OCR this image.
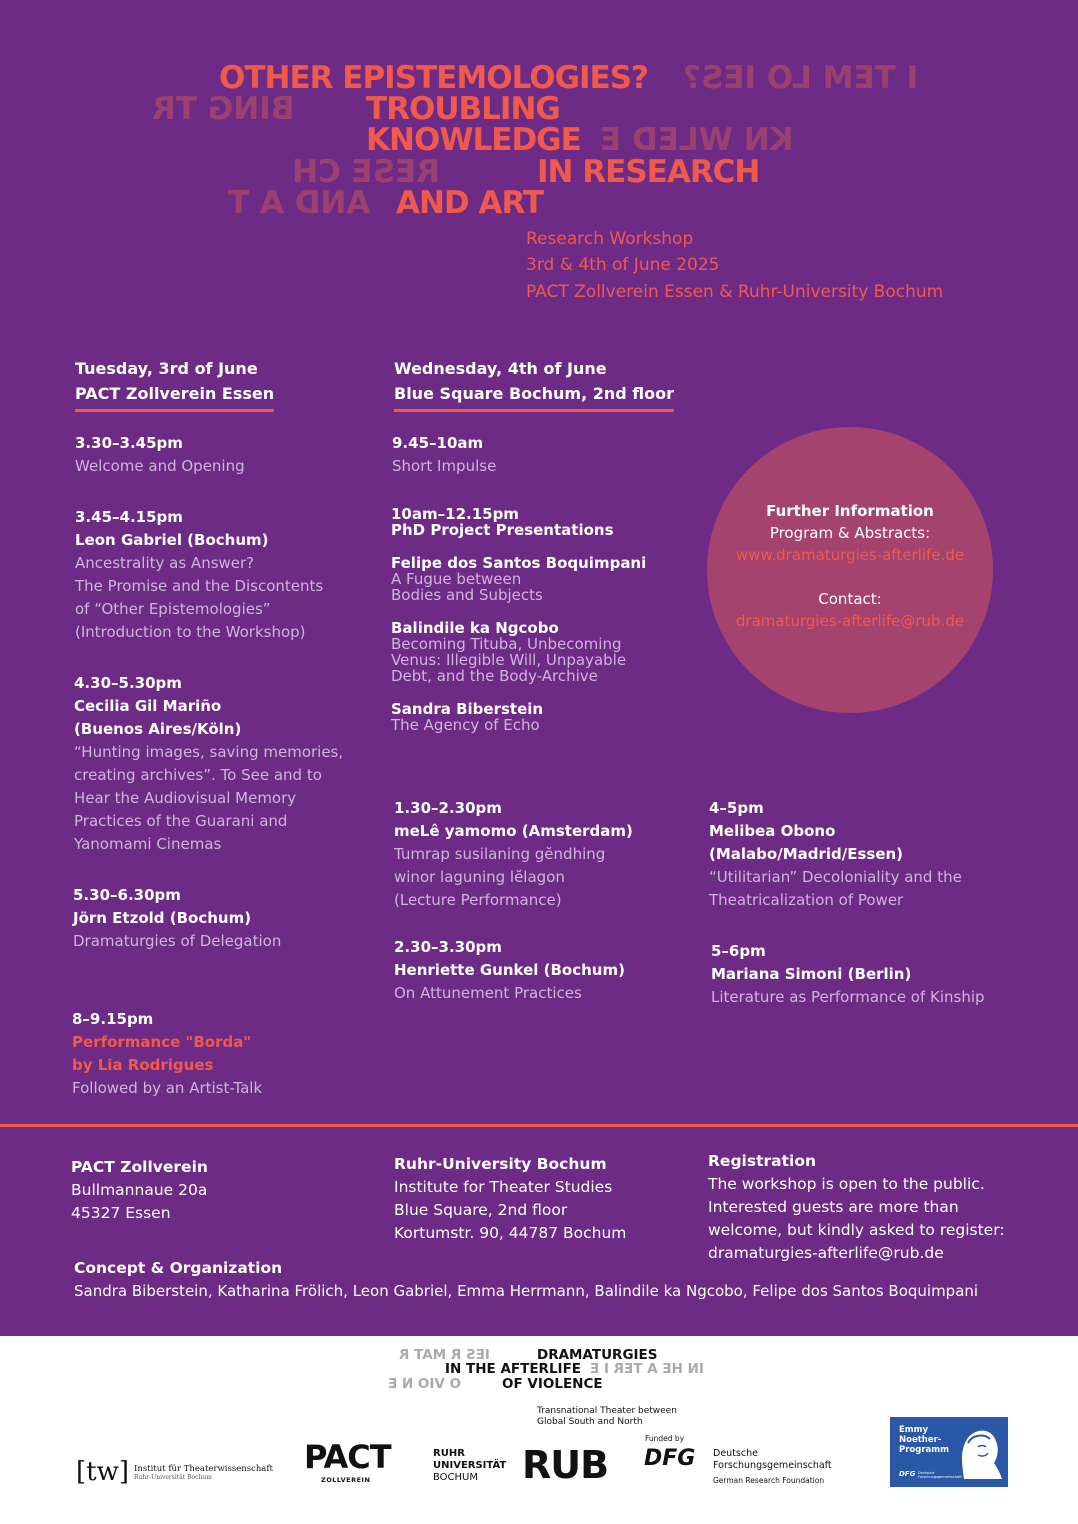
OTHER EPISTEMOLOGIES? I TEM LO IES?
BING TR TROUBLING
KNOWLEDGE KN WLED E
RESE CH	IN RESEARCH
AND A T AND ART
Research Workshop
3rd & 4th of June 2025
PACT Zollverein Essen & Ruhr-University Bochum
Tuesday, 3rd of June
PACT Zollverein Essen
3.30–3.45pm
Welcome and Opening
3.45–4.15pm
Leon Gabriel (Bochum)
Ancestrality as Answer?
The Promise and the Discontents
of “Other Epistemologies”
(Introduction to the Workshop)
4.30–5.30pm
Cecilia Gil Mariño
(Buenos Aires/Köln)
“Hunting images, saving memories,
creating archives”. To See and to
Hear the Audiovisual Memory
Practices of the Guarani and
Yanomami Cinemas
5.30–6.30pm
Jörn Etzold (Bochum)
Dramaturgies of Delegation
8–9.15pm
Performance "Borda"
by Lia Rodrigues
Followed by an Artist-Talk
Wednesday, 4th of June
Blue Square Bochum, 2nd floor
9.45–10am
Short Impulse
10am–12.15pm
PhD Project Presentations
Felipe dos Santos Boquimpani
A Fugue between
Bodies and Subjects
Balindile ka Ngcobo
Becoming Tituba, Unbecoming
Venus: Illegible Will, Unpayable
Debt, and the Body-Archive
Sandra Biberstein
The Agency of Echo
1.30–2.30pm
meLê yamomo (Amsterdam)
Tumrap susilaning gĕndhing
winor laguning lĕlagon
(Lecture Performance)
2.30–3.30pm
Henriette Gunkel (Bochum)
On Attunement Practices
4–5pm
Melibea Obono
(Malabo/Madrid/Essen)
“Utilitarian” Decoloniality and the
Theatricalization of Power
5–6pm
Mariana Simoni (Berlin)
Literature as Performance of Kinship
Further Information
Program & Abstracts:
www.dramaturgies-afterlife.de
Contact:
dramaturgies-afterlife@rub.de
PACT Zollverein
Bullmannaue 20a
45327 Essen
Ruhr-University Bochum
Institute for Theater Studies
Blue Square, 2nd floor
Kortumstr. 90, 44787 Bochum
Registration
The workshop is open to the public.
Interested guests are more than
welcome, but kindly asked to register:
dramaturgies-afterlife@rub.de
Concept & Organization
Sandra Biberstein, Katharina Frölich, Leon Gabriel, Emma Herrmann, Balindile ka Ngcobo, Felipe dos Santos Boquimpani
IES R MAT R	DRAMATURGIES
IN THE AFTERLIFE IN HE A TER I E
O VIO N E	OF VIOLENCE
Transnational Theater between
Global South and North
[tw] Institut für Theaterwissenschaft
Ruhr-Universität Bochum
PACT
ZOLLVEREIN
RUHR
UNIVERSITÄT
BOCHUM RUB
Funded by
DFG Deutsche
Forschungsgemeinschaft
German Research Foundation
Emmy
Noether-
Programm
DFG Deutsche Forschungsgemeinschaft
